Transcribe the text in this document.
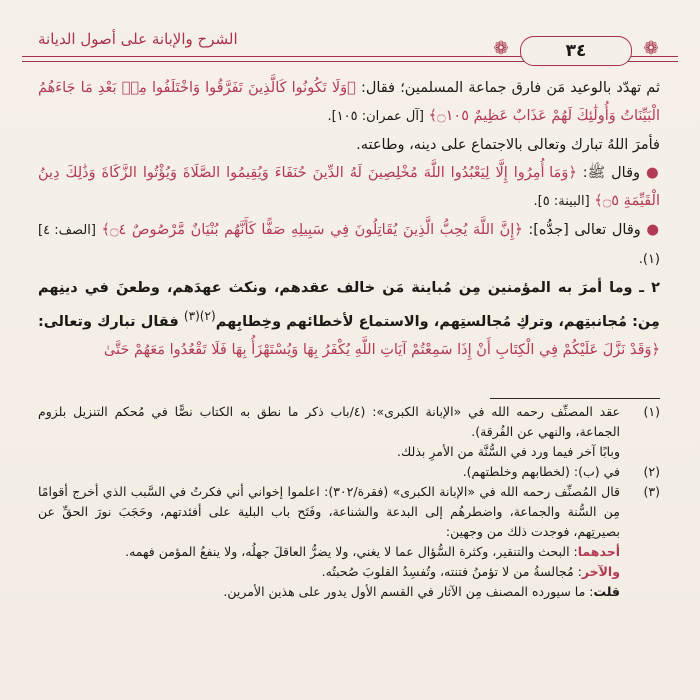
الشرح والإبانة على أصول الديانة	❁	٣٤	❁

ثم تهدّد بالوعيد مَن فارق جماعة المسلمين؛ فقال: ﴿وَلَا تَكُونُوا كَالَّذِينَ تَفَرَّقُوا وَاخْتَلَفُوا مِنۢ بَعْدِ مَا جَاءَهُمُ الْبَيِّنَاتُ وَأُولَٰئِكَ لَهُمْ عَذَابٌ عَظِيمٌ ۝١٠٥﴾ [آل عمران: ١٠٥].

فأمرَ اللهُ تبارك وتعالى بالاجتماع على دينه، وطاعته.

● وقال ﷺ: ﴿وَمَا أُمِرُوا إِلَّا لِيَعْبُدُوا اللَّهَ مُخْلِصِينَ لَهُ الدِّينَ حُنَفَاءَ وَيُقِيمُوا الصَّلَاةَ وَيُؤْتُوا الزَّكَاةَ وَذَٰلِكَ دِينُ الْقَيِّمَةِ ۝٥﴾ [البينة: ٥].

● وقال تعالى [جدُّه]: ﴿إِنَّ اللَّهَ يُحِبُّ الَّذِينَ يُقَاتِلُونَ فِي سَبِيلِهِ صَفًّا كَأَنَّهُم بُنْيَانٌ مَّرْصُوصٌ ۝٤﴾ [الصف: ٤] (١).

٢ ـ وما أمرَ به المؤمنين مِن مُباينة مَن خالف عقدهم، ونكث عهدَهم، وطعنَ في دينِهم مِن: مُجانبتِهم، وتركِ مُجالستِهم، والاستماع لأخطائهم وخِطابِهم$^{(٢)(٣)}$ فقال تبارك وتعالى: ﴿وَقَدْ نَزَّلَ عَلَيْكُمْ فِي الْكِتَابِ أَنْ إِذَا سَمِعْتُمْ آيَاتِ اللَّهِ يُكْفَرُ بِهَا وَيُسْتَهْزَأُ بِهَا فَلَا تَقْعُدُوا مَعَهُمْ حَتَّىٰ

(١)
عقد المصنِّف رحمه الله في «الإبانة الكبرى»: (٤/باب ذكر ما نطق به الكتاب نصًّا في مُحكم التنزيل بلزوم الجماعة، والنهي عن الفُرقة).
وبابًا آخر فيما ورد في السُّنَّة من الأمرِ بذلك.
(٢)
في (ب): (لخطابهم وخلطتهم).
(٣)
قال المُصنِّف رحمه الله في «الإبانة الكبرى» (فقرة/٣٠٢): اعلموا إخواني أني فكرتُ في السَّبب الذي أخرج أقوامًا مِن السُّنة والجماعة، واضطرهُم إلى البدعة والشناعة، وفَتَح باب البلية على أفئدتهم، وحَجَبَ نورَ الحقِّ عن بصيرتِهم، فوجدت ذلك من وجهين:
أحدهما: البحث والتنقير، وكثرة السُّؤال عما لا يغني، ولا يضرُّ العاقلَ جهلُه، ولا ينفعُ المؤمن فهمه.
والآخر: مُجالسةُ من لا تؤمنُ فتنته، وتُفسِدُ القلوبَ صُحبتُه.
قلت: ما سيورده المصنف مِن الآثار في القسم الأول يدور على هذين الأمرين.
